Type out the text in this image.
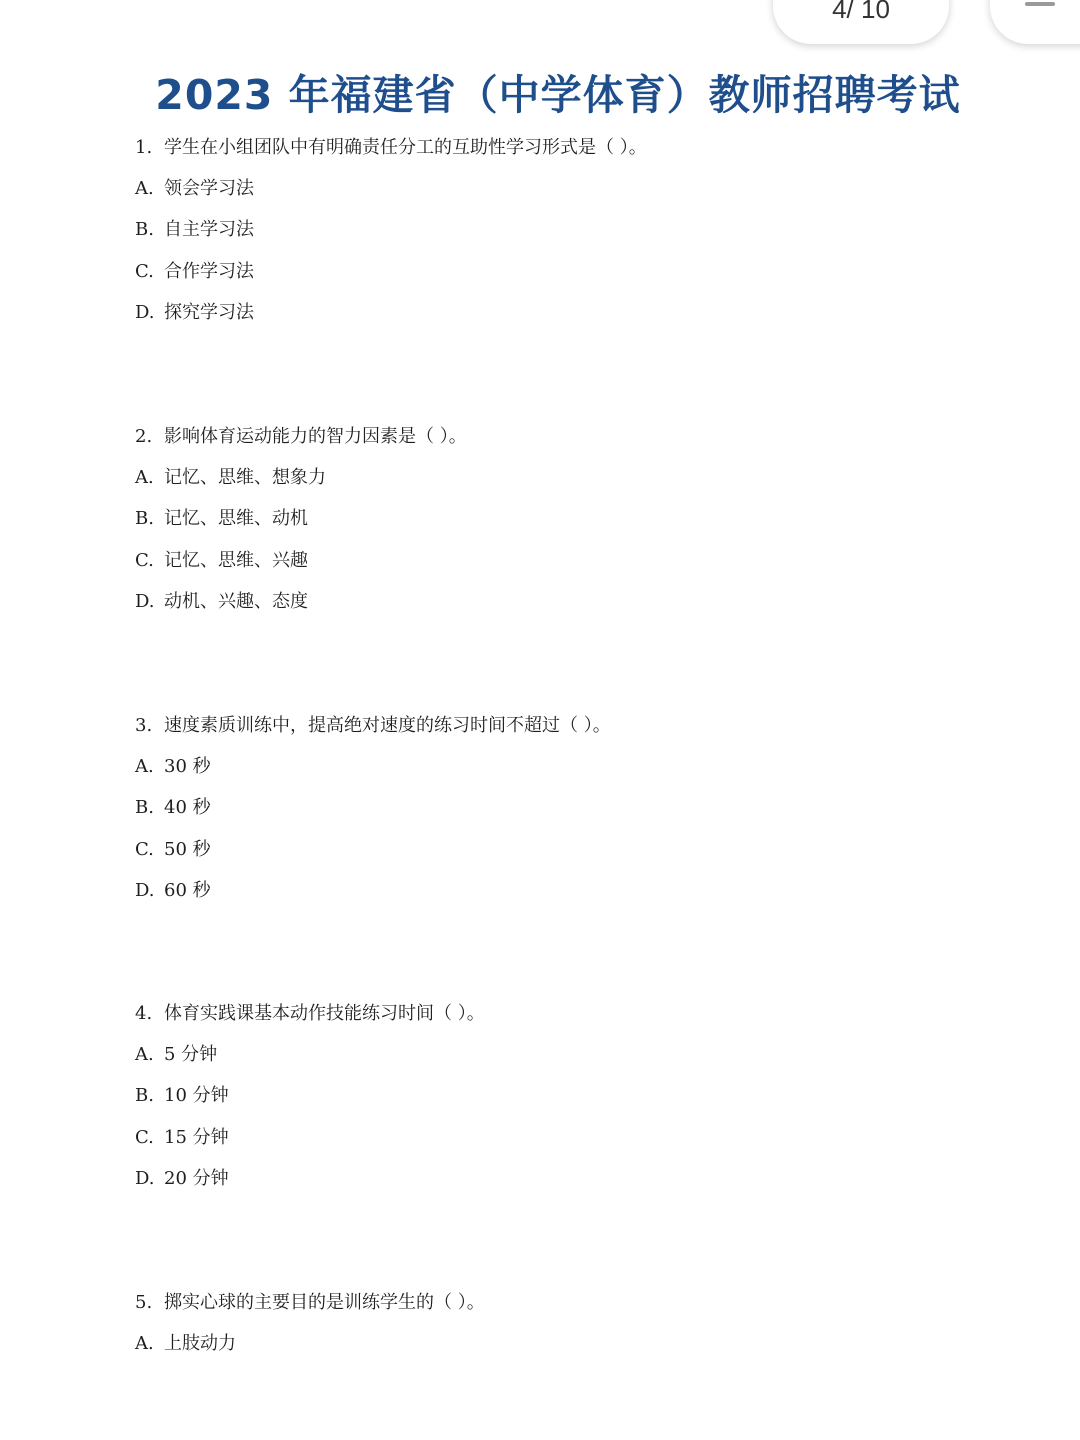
4/ 10
2023 年福建省（中学体育）教师招聘考试
1. 学生在小组团队中有明确责任分工的互助性学习形式是（ ）。
A. 领会学习法
B. 自主学习法
C. 合作学习法
D. 探究学习法
2. 影响体育运动能力的智力因素是（ ）。
A. 记忆、思维、想象力
B. 记忆、思维、动机
C. 记忆、思维、兴趣
D. 动机、兴趣、态度
3. 速度素质训练中，提高绝对速度的练习时间不超过（ ）。
A. 30 秒
B. 40 秒
C. 50 秒
D. 60 秒
4. 体育实践课基本动作技能练习时间（ ）。
A. 5 分钟
B. 10 分钟
C. 15 分钟
D. 20 分钟
5. 掷实心球的主要目的是训练学生的（ ）。
A. 上肢动力
